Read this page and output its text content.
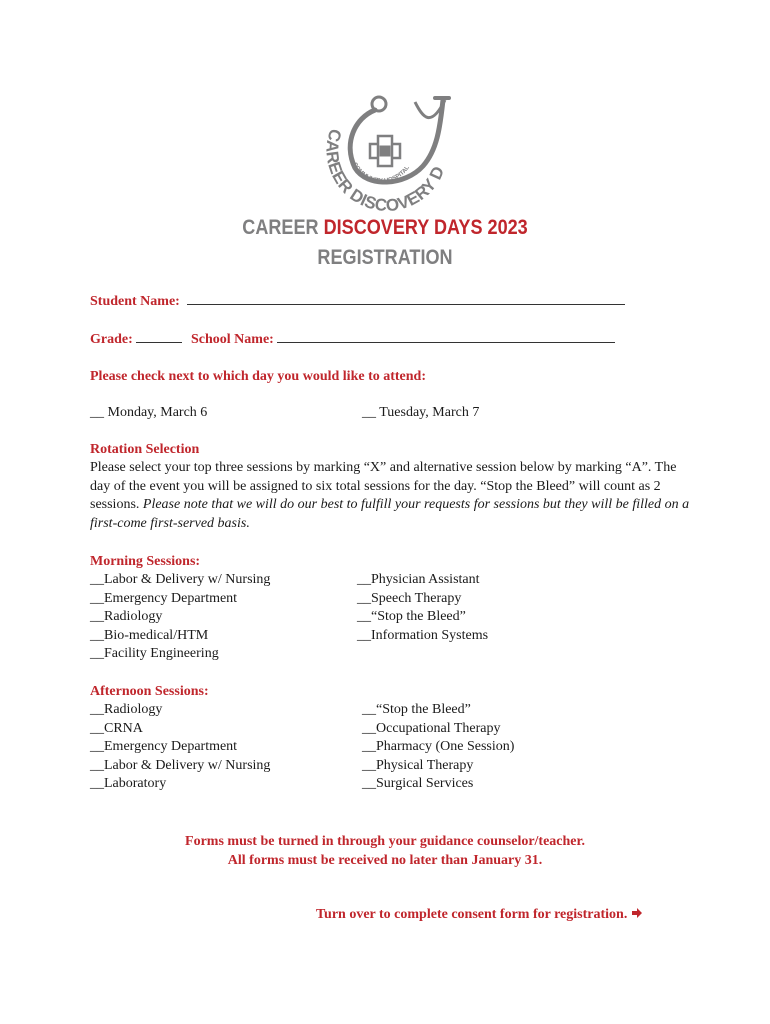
CAREER DISCOVERY D
COMMUNITY HOSPITAL
CAREER DISCOVERY DAYS 2023
REGISTRATION
Student Name:
Grade:	School Name:
Please check next to which day you would like to attend:
__ Monday, March 6	__ Tuesday, March 7
Rotation Selection
Please select your top three sessions by marking “X” and alternative session below by marking “A”. The day of the event you will be assigned to six total sessions for the day. “Stop the Bleed” will count as 2 sessions. Please note that we will do our best to fulfill your requests for sessions but they will be filled on a first-come first-served basis.
Morning Sessions:
__Labor & Delivery w/ Nursing
__Emergency Department
__Radiology
__Bio-medical/HTM
__Facility Engineering
__Physician Assistant
__Speech Therapy
__“Stop the Bleed”
__Information Systems
Afternoon Sessions:
__Radiology
__CRNA
__Emergency Department
__Labor & Delivery w/ Nursing
__Laboratory
__“Stop the Bleed”
__Occupational Therapy
__Pharmacy (One Session)
__Physical Therapy
__Surgical Services
Forms must be turned in through your guidance counselor/teacher.
All forms must be received no later than January 31.
Turn over to complete consent form for registration.
